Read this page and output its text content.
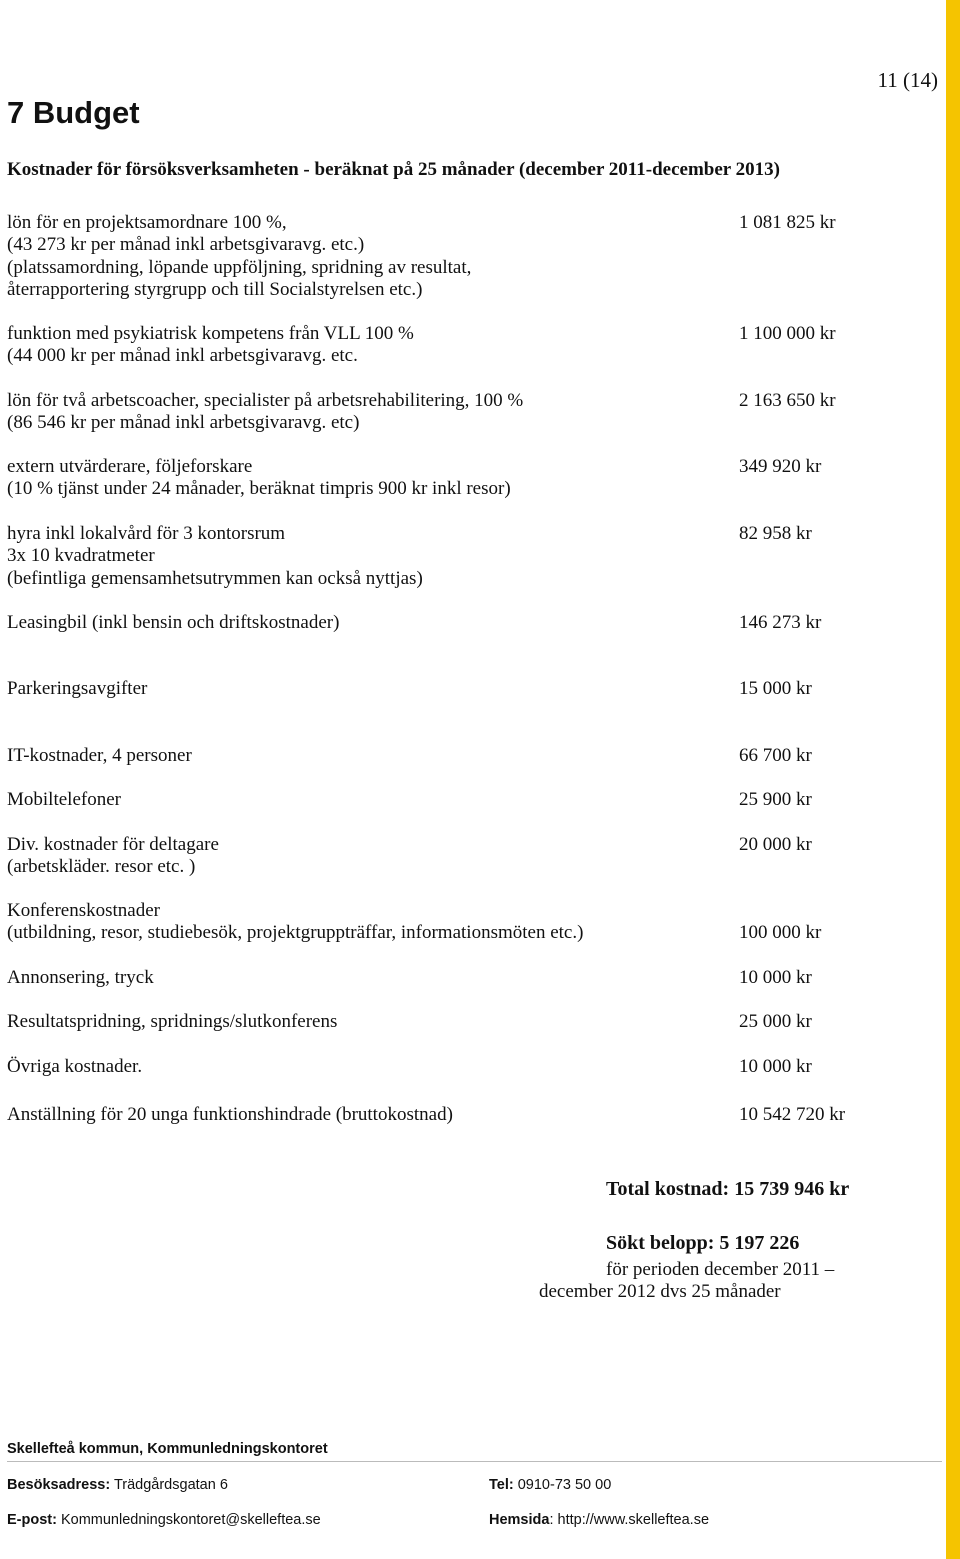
11 (14)
7 Budget
Kostnader för försöksverksamheten - beräknat på 25 månader (december 2011-december 2013)
lön för en projektsamordnare 100 %,
(43 273 kr per månad inkl arbetsgivaravg. etc.)
(platssamordning, löpande uppföljning, spridning av resultat,
återrapportering styrgrupp och till Socialstyrelsen etc.)
1 081 825 kr
funktion med psykiatrisk kompetens från VLL 100 %
(44 000 kr per månad inkl arbetsgivaravg. etc.
1 100 000 kr
lön för två arbetscoacher, specialister på arbetsrehabilitering, 100 %
(86 546 kr per månad inkl arbetsgivaravg. etc)
2 163 650 kr
extern utvärderare, följeforskare
(10 % tjänst under 24 månader, beräknat timpris 900 kr inkl resor)
349 920 kr
hyra inkl lokalvård för 3 kontorsrum
3x 10 kvadratmeter
(befintliga gemensamhetsutrymmen kan också nyttjas)
82 958 kr
Leasingbil (inkl bensin och driftskostnader)	146 273 kr
Parkeringsavgifter	15 000 kr
IT-kostnader, 4 personer	66 700 kr
Mobiltelefoner	25 900 kr
Div. kostnader för deltagare
(arbetskläder. resor etc. )
20 000 kr
Konferenskostnader
(utbildning, resor, studiebesök, projektgruppträffar, informationsmöten etc.)	100 000 kr
Annonsering, tryck	10 000 kr
Resultatspridning, spridnings/slutkonferens	25 000 kr
Övriga kostnader.	10 000 kr
Anställning för 20 unga funktionshindrade (bruttokostnad)	10 542 720 kr
Total kostnad: 15 739 946 kr
Sökt belopp: 5 197 226
för perioden december 2011 –
december 2012 dvs 25 månader
Skellefteå kommun, Kommunledningskontoret
Besöksadress: Trädgårdsgatan 6	Tel: 0910-73 50 00
E-post: Kommunledningskontoret@skelleftea.se	Hemsida: http://www.skelleftea.se
